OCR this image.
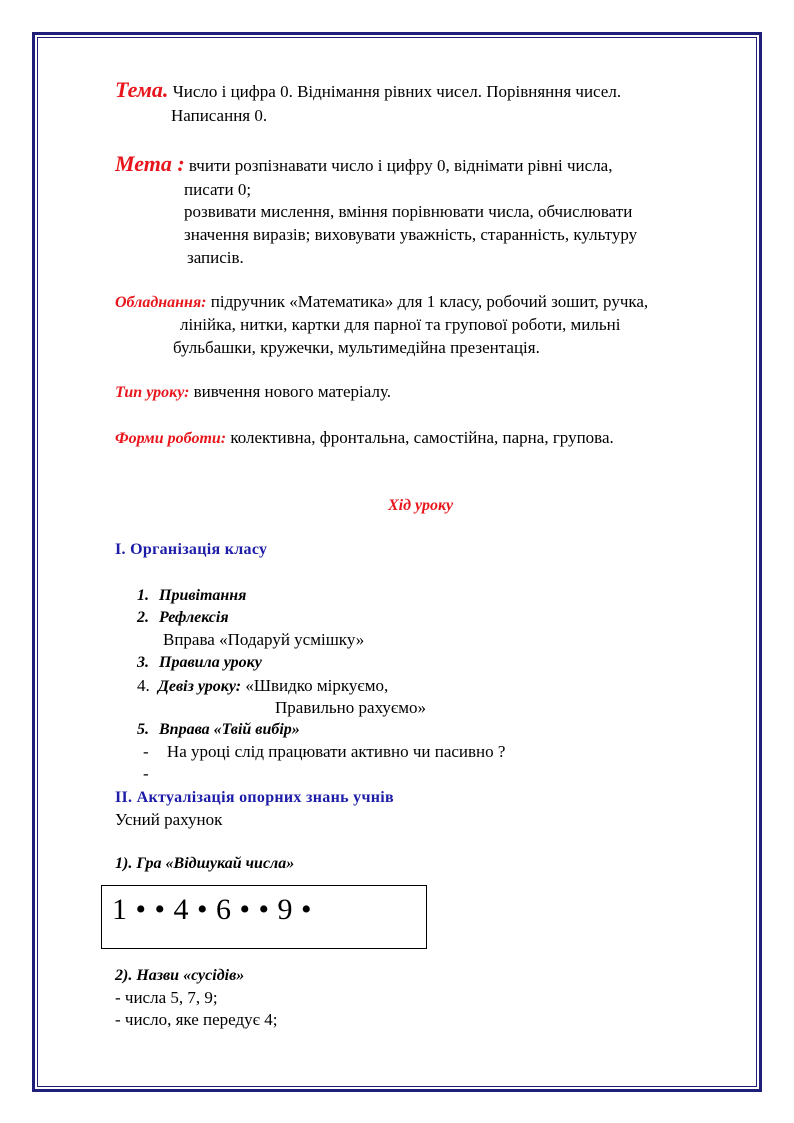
Тема. Число і цифра 0. Віднімання рівних чисел. Порівняння чисел.
Написання 0.
Мета : вчити розпізнавати число і цифру 0, віднімати рівні числа,
писати 0;
розвивати мислення, вміння порівнювати числа, обчислювати
значення виразів; виховувати уважність, старанність, культуру
записів.
Обладнання: підручник «Математика» для 1 класу, робочий зошит, ручка,
лінійка, нитки, картки для парної та групової роботи, мильні
бульбашки, кружечки, мультимедійна презентація.
Тип уроку: вивчення нового матеріалу.
Форми роботи: колективна, фронтальна, самостійна, парна, групова.
Хід уроку
I. Організація класу
1. Привітання
2. Рефлексія
Вправа «Подаруй усмішку»
3. Правила уроку
4. Девіз уроку: «Швидко міркуємо,
Правильно рахуємо»
5. Вправа «Твій вибір»
- На уроці слід працювати активно чи пасивно ?
-
II. Актуалізація опорних знань учнів
Усний рахунок
1). Гра «Відшукай числа»
1 • • 4 • 6 • • 9 •
2). Назви «сусідів»
- числа 5, 7, 9;
- число, яке передує 4;
